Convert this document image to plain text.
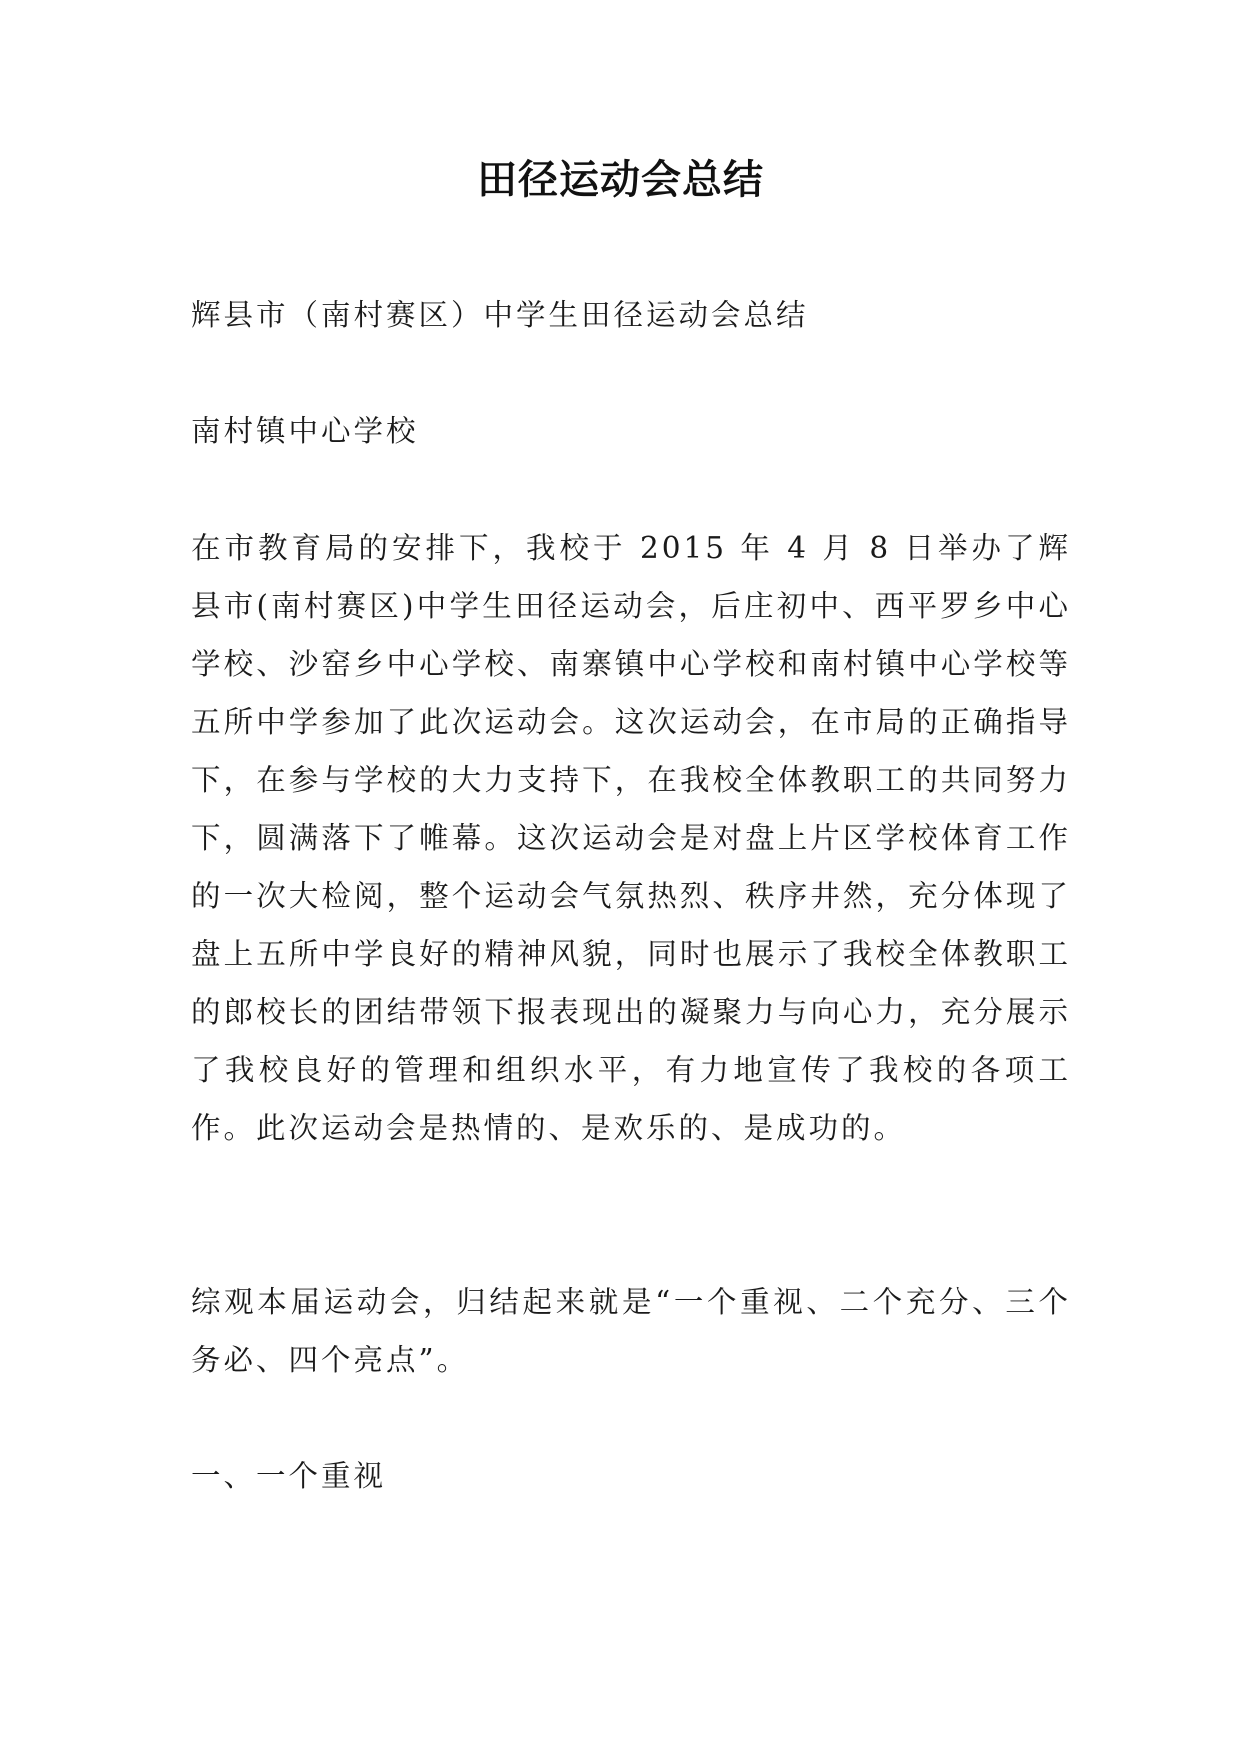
田径运动会总结
辉县市（南村赛区）中学生田径运动会总结
南村镇中心学校
在市教育局的安排下，我校于 2015 年 4 月 8 日举办了辉县市(南村赛区)中学生田径运动会，后庄初中、西平罗乡中心学校、沙窑乡中心学校、南寨镇中心学校和南村镇中心学校等五所中学参加了此次运动会。这次运动会，在市局的正确指导下，在参与学校的大力支持下，在我校全体教职工的共同努力下，圆满落下了帷幕。这次运动会是对盘上片区学校体育工作的一次大检阅，整个运动会气氛热烈、秩序井然，充分体现了盘上五所中学良好的精神风貌，同时也展示了我校全体教职工的郎校长的团结带领下报表现出的凝聚力与向心力，充分展示了我校良好的管理和组织水平，有力地宣传了我校的各项工作。此次运动会是热情的、是欢乐的、是成功的。
综观本届运动会，归结起来就是“一个重视、二个充分、三个务必、四个亮点”。
一、一个重视
